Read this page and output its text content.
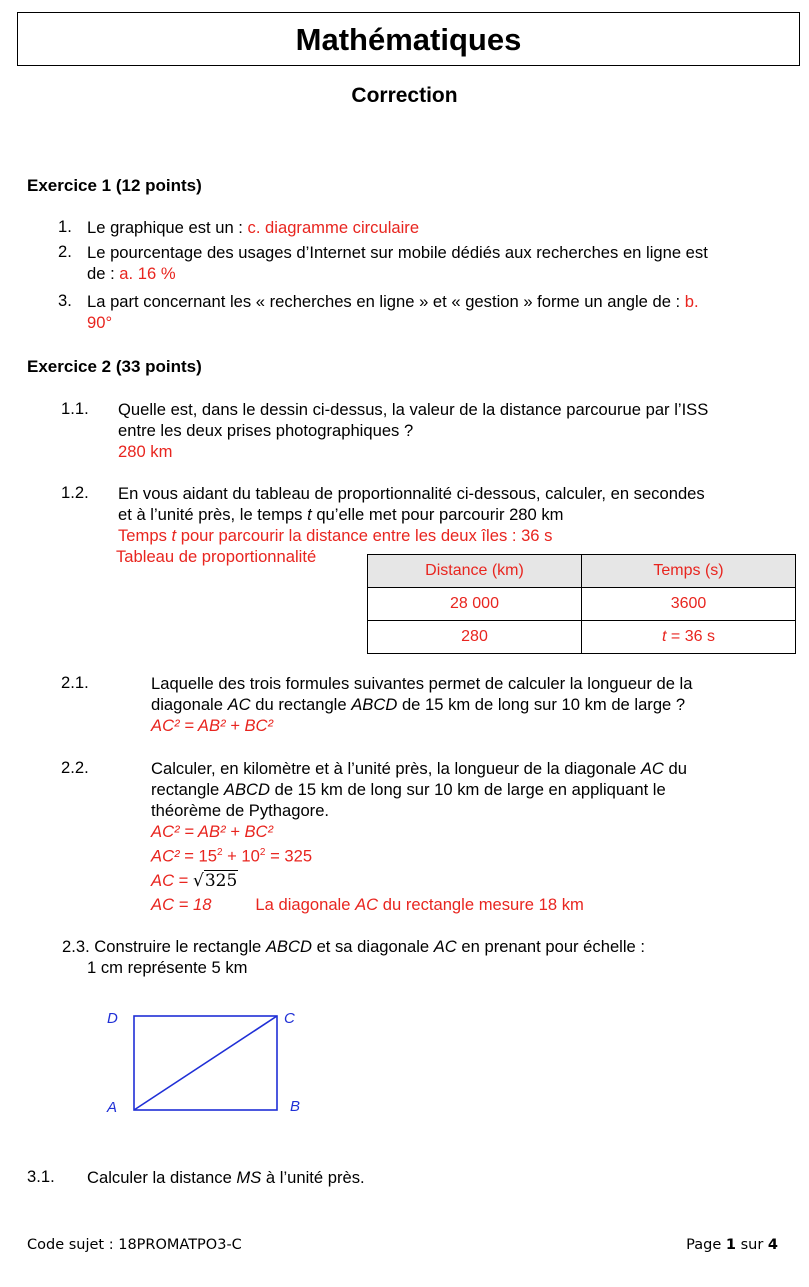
Mathématiques
Correction
Exercice 1 (12 points)
1. Le graphique est un : c. diagramme circulaire
2. Le pourcentage des usages d’Internet sur mobile dédiés aux recherches en ligne est
de : a. 16 %
3. La part concernant les « recherches en ligne » et « gestion » forme un angle de : b.
90°
Exercice 2 (33 points)
1.1. Quelle est, dans le dessin ci-dessus, la valeur de la distance parcourue par l’ISS
entre les deux prises photographiques ?
280 km
1.2. En vous aidant du tableau de proportionnalité ci-dessous, calculer, en secondes
et à l’unité près, le temps t qu’elle met pour parcourir 280 km
Temps t pour parcourir la distance entre les deux îles : 36 s
Tableau de proportionnalité
Distance (km)	Temps (s)
28 000	3600
280	t = 36 s
2.1.	Laquelle des trois formules suivantes permet de calculer la longueur de la
diagonale AC du rectangle ABCD de 15 km de long sur 10 km de large ?
AC² = AB² + BC²
2.2.	Calculer, en kilomètre et à l’unité près, la longueur de la diagonale AC du
rectangle ABCD de 15 km de long sur 10 km de large en appliquant le
théorème de Pythagore.
AC² = AB² + BC²
$AC^2 = 15^2 + 10^2 = 325$
AC = √325
AC = 18	La diagonale AC du rectangle mesure 18 km
2.3. Construire le rectangle ABCD et sa diagonale AC en prenant pour échelle :
1 cm représente 5 km
D	C
A	B
3.1. Calculer la distance MS à l’unité près.
Code sujet : 18PROMATPO3-C	Page 1 sur 4
